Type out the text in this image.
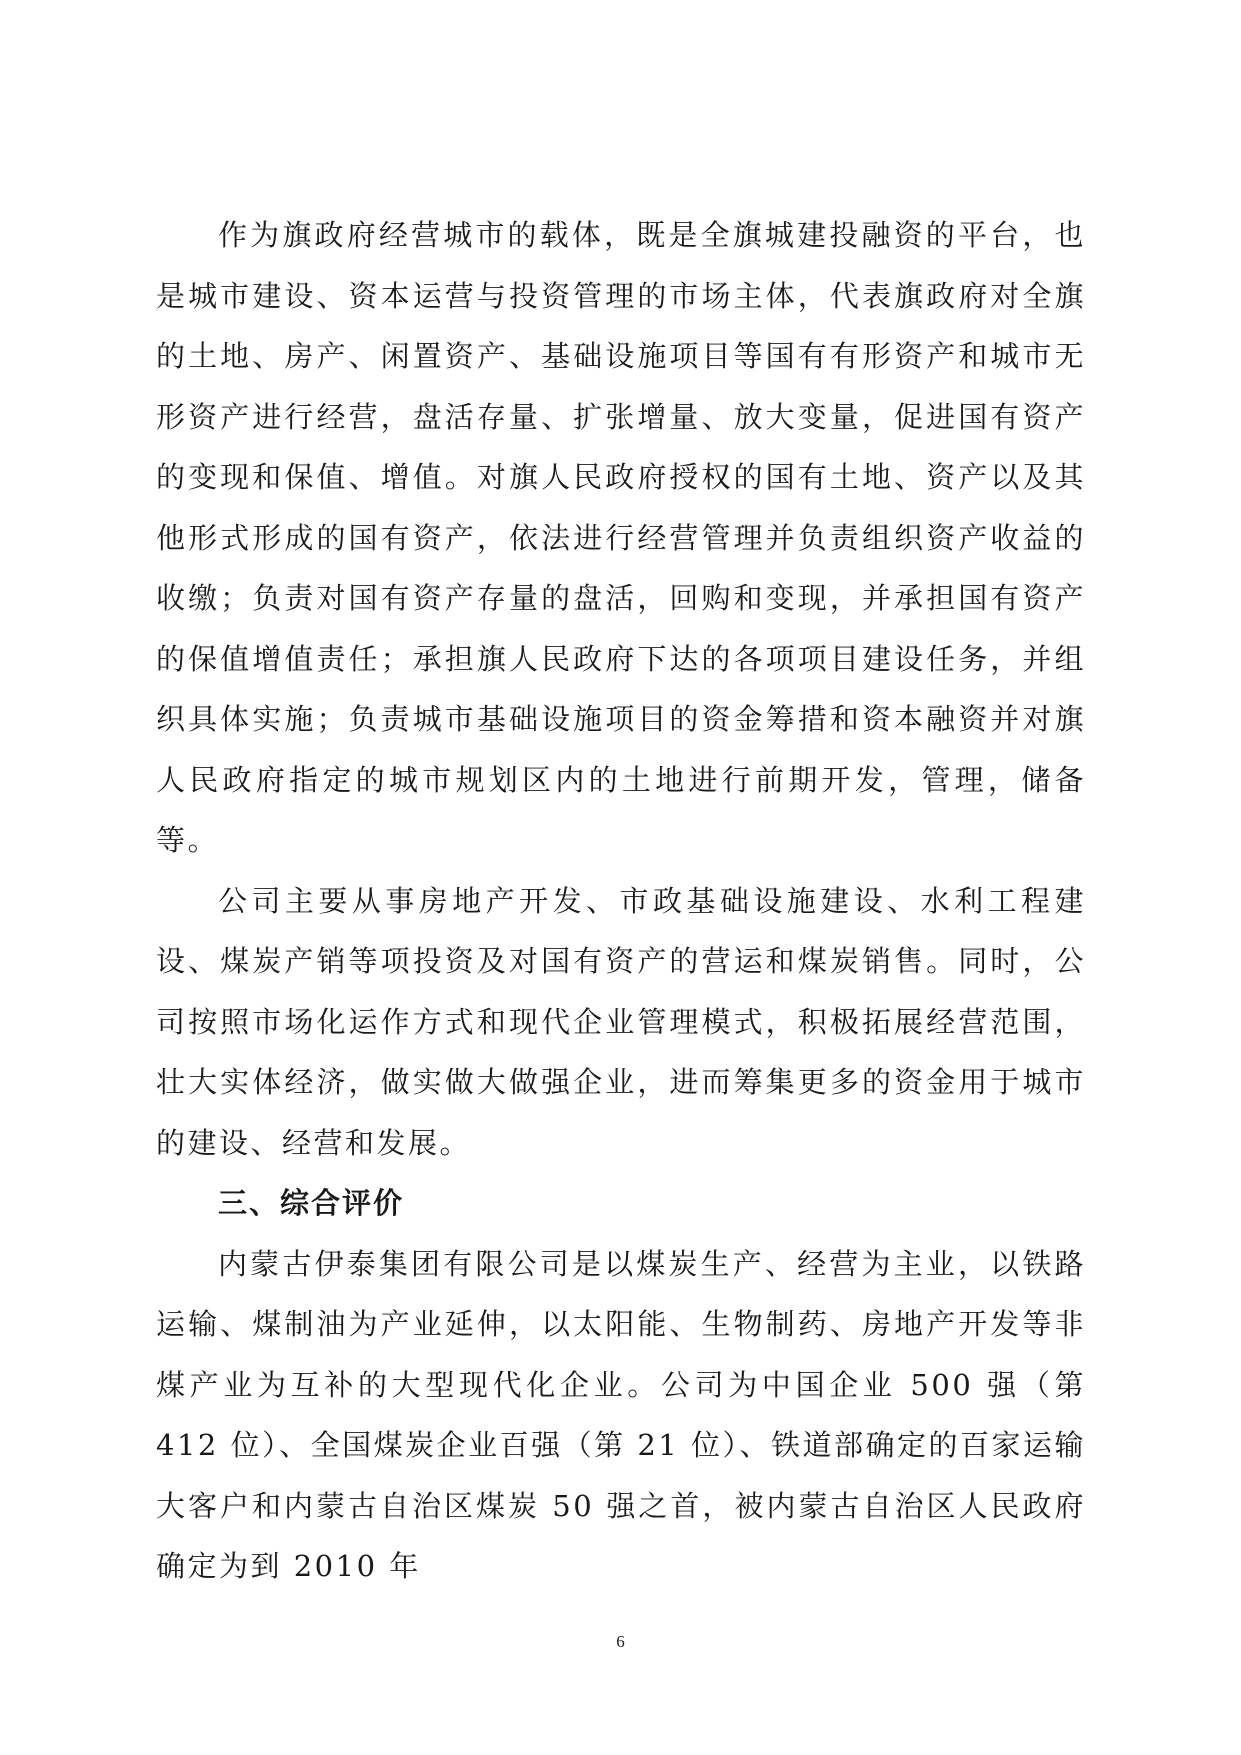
作为旗政府经营城市的载体，既是全旗城建投融资的平台，也是城市建设、资本运营与投资管理的市场主体，代表旗政府对全旗的土地、房产、闲置资产、基础设施项目等国有有形资产和城市无形资产进行经营，盘活存量、扩张增量、放大变量，促进国有资产的变现和保值、增值。对旗人民政府授权的国有土地、资产以及其他形式形成的国有资产，依法进行经营管理并负责组织资产收益的收缴；负责对国有资产存量的盘活，回购和变现，并承担国有资产的保值增值责任；承担旗人民政府下达的各项项目建设任务，并组织具体实施；负责城市基础设施项目的资金筹措和资本融资并对旗人民政府指定的城市规划区内的土地进行前期开发，管理，储备等。

公司主要从事房地产开发、市政基础设施建设、水利工程建设、煤炭产销等项投资及对国有资产的营运和煤炭销售。同时，公司按照市场化运作方式和现代企业管理模式，积极拓展经营范围，壮大实体经济，做实做大做强企业，进而筹集更多的资金用于城市的建设、经营和发展。

三、综合评价

内蒙古伊泰集团有限公司是以煤炭生产、经营为主业，以铁路运输、煤制油为产业延伸，以太阳能、生物制药、房地产开发等非煤产业为互补的大型现代化企业。公司为中国企业 500 强（第 412 位）、全国煤炭企业百强（第 21 位）、铁道部确定的百家运输大客户和内蒙古自治区煤炭 50 强之首，被内蒙古自治区人民政府确定为到 2010 年

6
